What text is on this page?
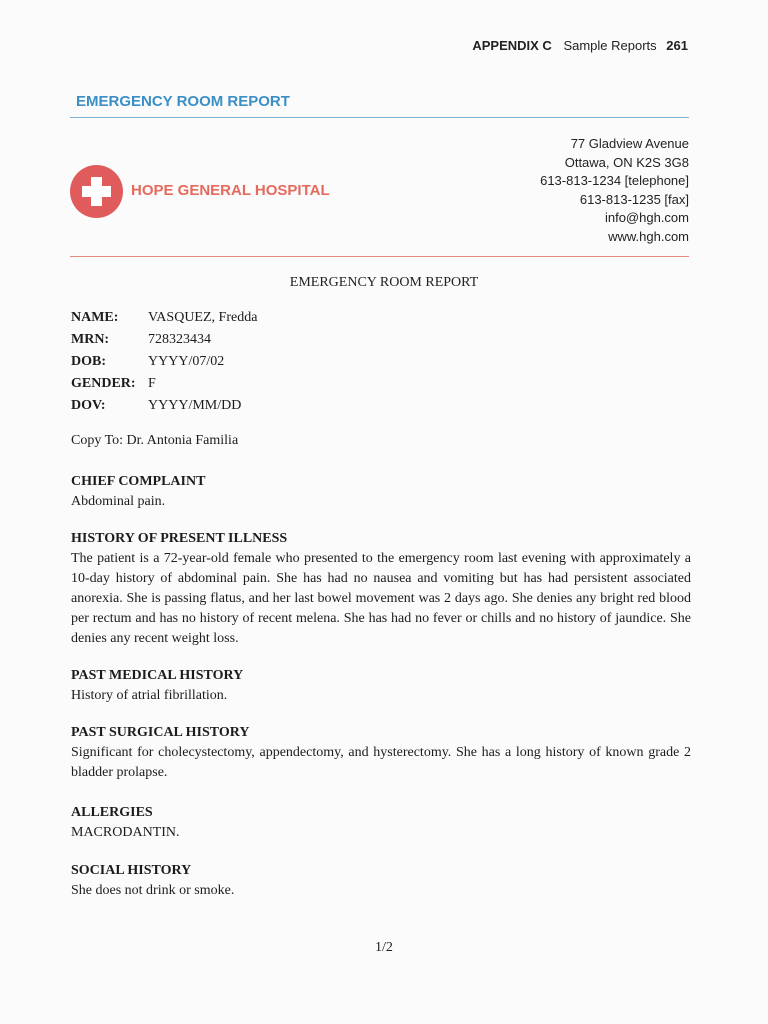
APPENDIX C Sample Reports 261
EMERGENCY ROOM REPORT
HOPE GENERAL HOSPITAL
77 Gladview Avenue
Ottawa, ON K2S 3G8
613-813-1234 [telephone]
613-813-1235 [fax]
info@hgh.com
www.hgh.com
EMERGENCY ROOM REPORT
NAME:	VASQUEZ, Fredda
MRN:	728323434
DOB:	YYYY/07/02
GENDER: F
DOV:	YYYY/MM/DD
Copy To: Dr. Antonia Familia
CHIEF COMPLAINT
Abdominal pain.
HISTORY OF PRESENT ILLNESS
The patient is a 72-year-old female who presented to the emergency room last evening with approximately a 10-day history of abdominal pain. She has had no nausea and vomiting but has had persistent associated anorexia. She is passing flatus, and her last bowel movement was 2 days ago. She denies any bright red blood per rectum and has no history of recent melena. She has had no fever or chills and no history of jaundice. She denies any recent weight loss.
PAST MEDICAL HISTORY
History of atrial fibrillation.
PAST SURGICAL HISTORY
Significant for cholecystectomy, appendectomy, and hysterectomy. She has a long history of known grade 2 bladder prolapse.
ALLERGIES
MACRODANTIN.
SOCIAL HISTORY
She does not drink or smoke.
1/2
